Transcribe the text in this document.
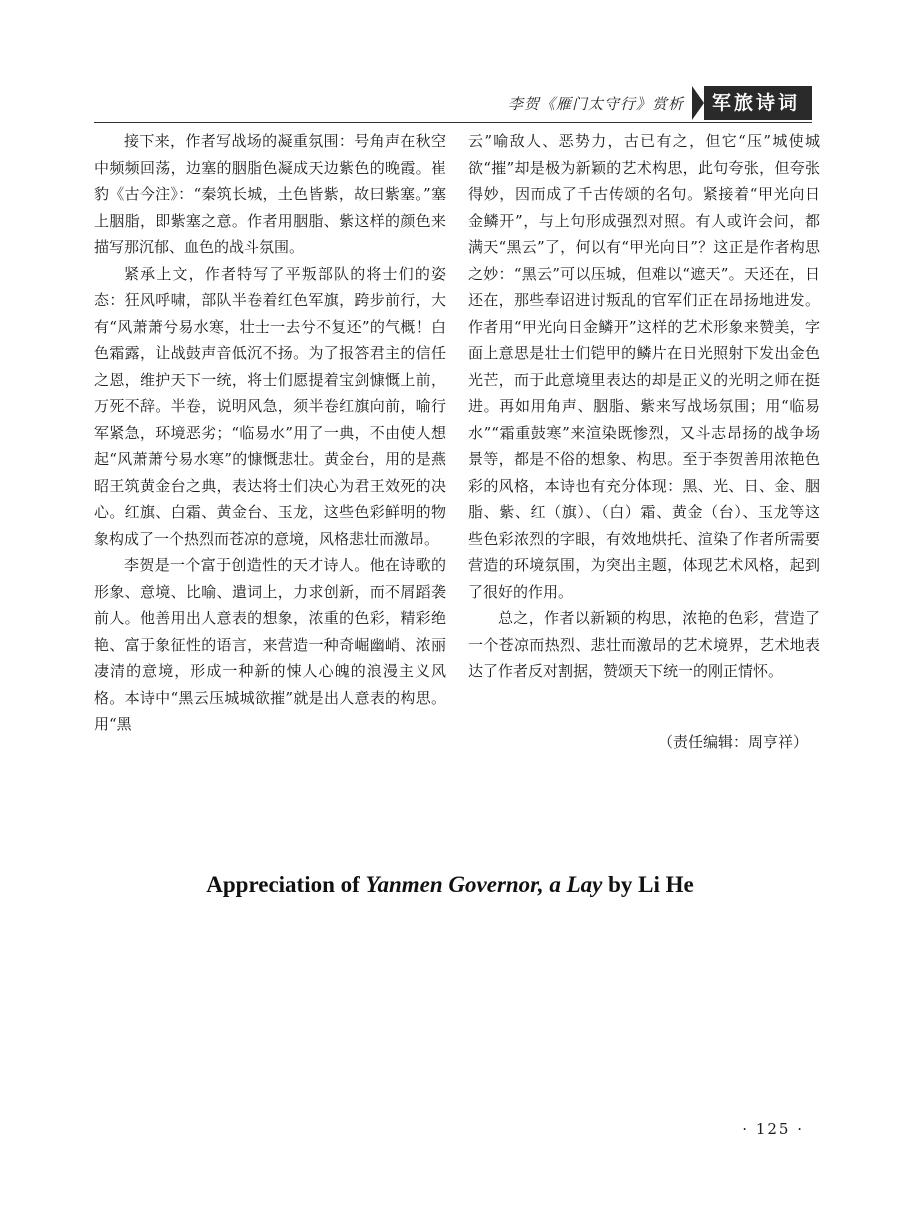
李贺《雁门太守行》赏析	军旅诗词

接下来，作者写战场的凝重氛围：号角声在秋空中频频回荡，边塞的胭脂色凝成天边紫色的晚霞。崔豹《古今注》：“秦筑长城，土色皆紫，故曰紫塞。”塞上胭脂，即紫塞之意。作者用胭脂、紫这样的颜色来描写那沉郁、血色的战斗氛围。

紧承上文，作者特写了平叛部队的将士们的姿态：狂风呼啸，部队半卷着红色军旗，跨步前行，大有“风萧萧兮易水寒，壮士一去兮不复还”的气概！白色霜露，让战鼓声音低沉不扬。为了报答君主的信任之恩，维护天下一统，将士们愿提着宝剑慷慨上前，万死不辞。半卷，说明风急，须半卷红旗向前，喻行军紧急，环境恶劣；“临易水”用了一典，不由使人想起“风萧萧兮易水寒”的慷慨悲壮。黄金台，用的是燕昭王筑黄金台之典，表达将士们决心为君王效死的决心。红旗、白霜、黄金台、玉龙，这些色彩鲜明的物象构成了一个热烈而苍凉的意境，风格悲壮而激昂。

李贺是一个富于创造性的天才诗人。他在诗歌的形象、意境、比喻、遣词上，力求创新，而不屑蹈袭前人。他善用出人意表的想象，浓重的色彩，精彩绝艳、富于象征性的语言，来营造一种奇崛幽峭、浓丽凄清的意境，形成一种新的悚人心魄的浪漫主义风格。本诗中“黑云压城城欲摧”就是出人意表的构思。用“黑

云”喻敌人、恶势力，古已有之，但它“压”城使城欲“摧”却是极为新颖的艺术构思，此句夸张，但夸张得妙，因而成了千古传颂的名句。紧接着“甲光向日金鳞开”，与上句形成强烈对照。有人或许会问，都满天“黑云”了，何以有“甲光向日”？这正是作者构思之妙：“黑云”可以压城，但难以“遮天”。天还在，日还在，那些奉诏进讨叛乱的官军们正在昂扬地进发。作者用“甲光向日金鳞开”这样的艺术形象来赞美，字面上意思是壮士们铠甲的鳞片在日光照射下发出金色光芒，而于此意境里表达的却是正义的光明之师在挺进。再如用角声、胭脂、紫来写战场氛围；用“临易水”“霜重鼓寒”来渲染既惨烈，又斗志昂扬的战争场景等，都是不俗的想象、构思。至于李贺善用浓艳色彩的风格，本诗也有充分体现：黑、光、日、金、胭脂、紫、红（旗）、（白）霜、黄金（台）、玉龙等这些色彩浓烈的字眼，有效地烘托、渲染了作者所需要营造的环境氛围，为突出主题，体现艺术风格，起到了很好的作用。

总之，作者以新颖的构思，浓艳的色彩，营造了一个苍凉而热烈、悲壮而激昂的艺术境界，艺术地表达了作者反对割据，赞颂天下统一的刚正情怀。

（责任编辑：周亨祥）
Appreciation of Yanmen Governor, a Lay by Li He
· 125 ·
